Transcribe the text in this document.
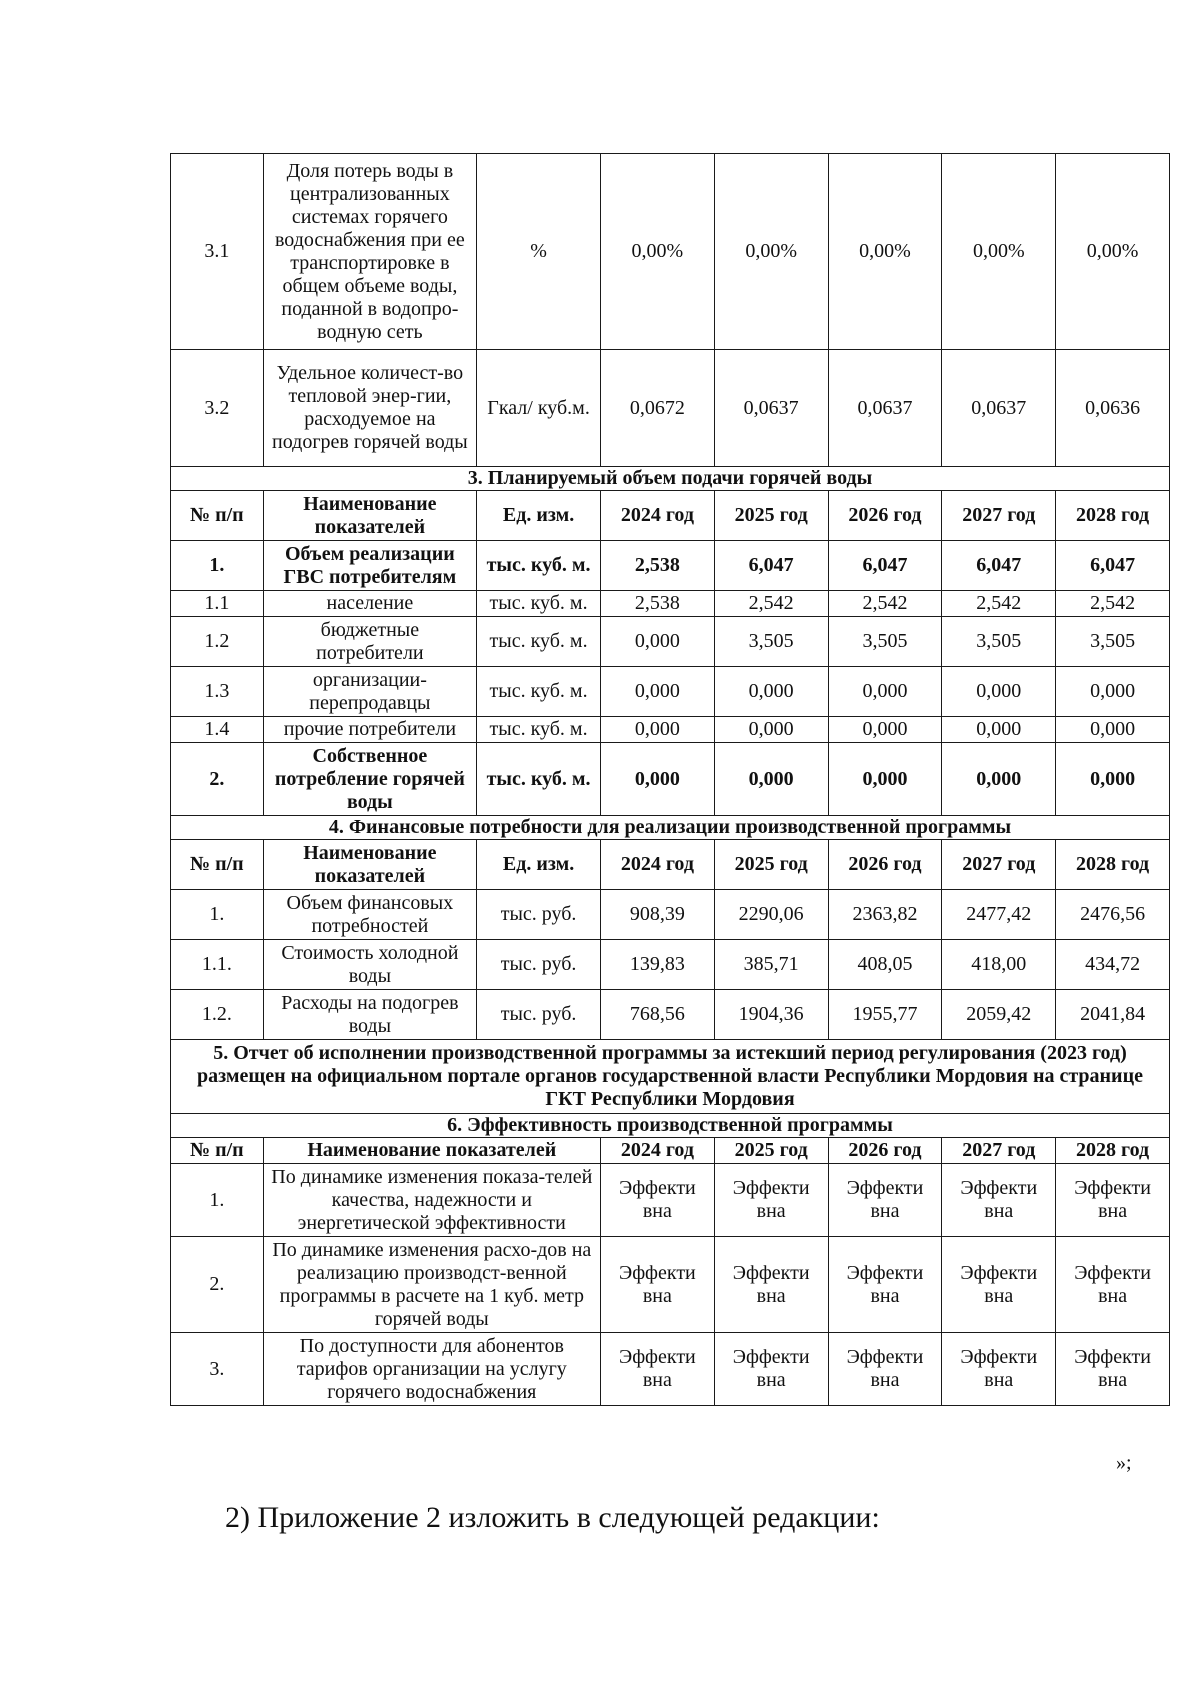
3.1	Доля потерь воды в централизованных системах горячего водоснабжения при ее транспортировке в общем объеме воды, поданной в водопро-водную сеть	%	0,00%	0,00%	0,00%	0,00%	0,00%
3.2	Удельное количест-во тепловой энер-гии, расходуемое на подогрев горячей воды	Гкал/ куб.м.	0,0672	0,0637	0,0637	0,0637	0,0636
3. Планируемый объем подачи горячей воды							
№ п/п	Наименование показателей	Ед. изм.	2024 год	2025 год	2026 год	2027 год	2028 год
1.	Объем реализации ГВС потребителям	тыс. куб. м.	2,538	6,047	6,047	6,047	6,047
1.1	население	тыс. куб. м.	2,538	2,542	2,542	2,542	2,542
1.2	бюджетные потребители	тыс. куб. м.	0,000	3,505	3,505	3,505	3,505
1.3	организации-перепродавцы	тыс. куб. м.	0,000	0,000	0,000	0,000	0,000
1.4	прочие потребители	тыс. куб. м.	0,000	0,000	0,000	0,000	0,000
2.	Собственное потребление горячей воды	тыс. куб. м.	0,000	0,000	0,000	0,000	0,000
4. Финансовые потребности для реализации производственной программы							
№ п/п	Наименование показателей	Ед. изм.	2024 год	2025 год	2026 год	2027 год	2028 год
1.	Объем финансовых потребностей	тыс. руб.	908,39	2290,06	2363,82	2477,42	2476,56
1.1.	Стоимость холодной воды	тыс. руб.	139,83	385,71	408,05	418,00	434,72
1.2.	Расходы на подогрев воды	тыс. руб.	768,56	1904,36	1955,77	2059,42	2041,84
5. Отчет об исполнении производственной программы за истекший период регулирования (2023 год) размещен на официальном портале органов государственной власти Республики Мордовия на странице ГКТ Республики Мордовия							
6. Эффективность производственной программы							
№ п/п	Наименование показателей		2024 год	2025 год	2026 год	2027 год	2028 год
1.	По динамике изменения показа-телей качества, надежности и энергетической эффективности		Эффекти вна	Эффекти вна	Эффекти вна	Эффекти вна	Эффекти вна
2.	По динамике изменения расхо-дов на реализацию производст-венной программы в расчете на 1 куб. метр горячей воды		Эффекти вна	Эффекти вна	Эффекти вна	Эффекти вна	Эффекти вна
3.	По доступности для абонентов тарифов организации на услугу горячего водоснабжения		Эффекти вна	Эффекти вна	Эффекти вна	Эффекти вна	Эффекти вна
»;
2) Приложение 2 изложить в следующей редакции:
